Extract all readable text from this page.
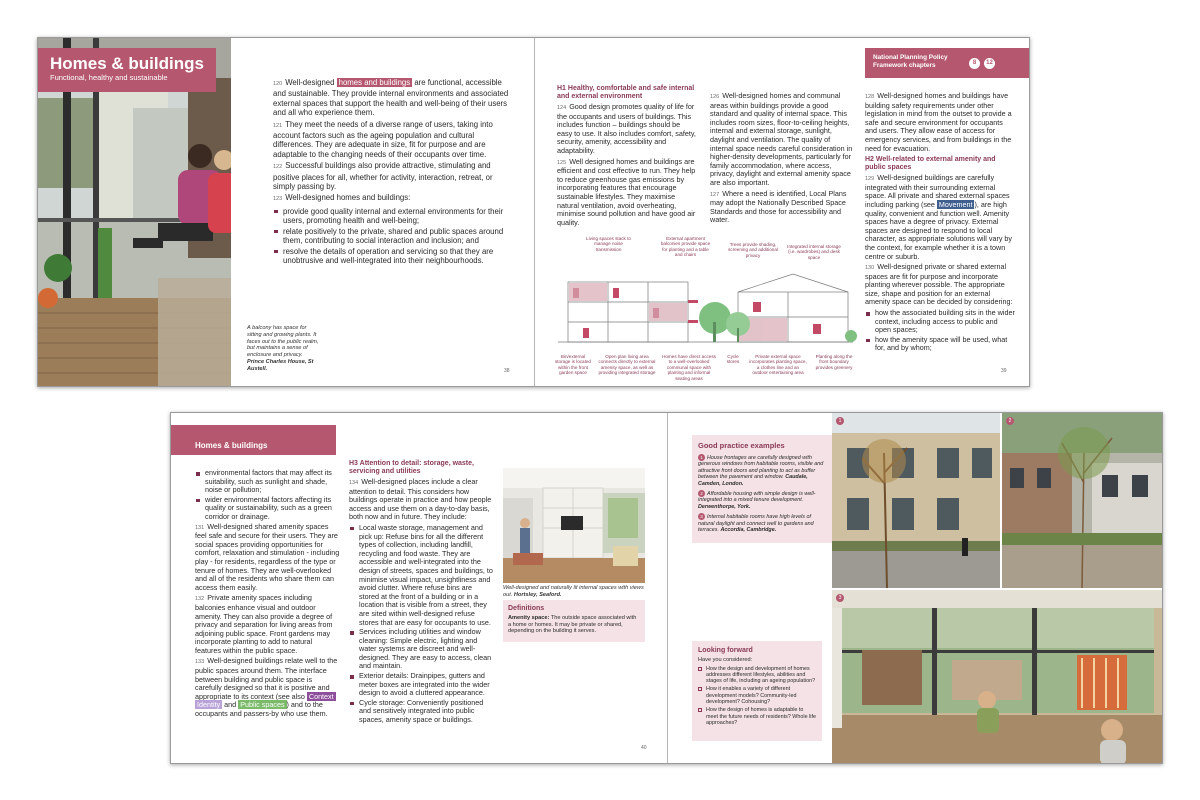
Homes & buildings
Functional, healthy and sustainable
A balcony has space for sitting and growing plants. It faces out to the public realm, but maintains a sense of enclosure and privacy. Prince Charles House, St Austell.

120 Well-designed homes and buildings are functional, accessible and sustainable. They provide internal environments and associated external spaces that support the health and well-being of their users and all who experience them.

121 They meet the needs of a diverse range of users, taking into account factors such as the ageing population and cultural differences. They are adequate in size, fit for purpose and are adaptable to the changing needs of their occupants over time.

122 Successful buildings also provide attractive, stimulating and positive places for all, whether for activity, interaction, retreat, or simply passing by.

123 Well-designed homes and buildings:

provide good quality internal and external environments for their users, promoting health and well-being;
relate positively to the private, shared and public spaces around them, contributing to social interaction and inclusion; and
resolve the details of operation and servicing so that they are unobtrusive and well-integrated into their neighbourhoods.
38
H1 Healthy, comfortable and safe internal and external environment

124 Good design promotes quality of life for the occupants and users of buildings. This includes function – buildings should be easy to use. It also includes comfort, safety, security, amenity, accessibility and adaptability.

125 Well designed homes and buildings are efficient and cost effective to run. They help to reduce greenhouse gas emissions by incorporating features that encourage sustainable lifestyles. They maximise natural ventilation, avoid overheating, minimise sound pollution and have good air quality.

126 Well-designed homes and communal areas within buildings provide a good standard and quality of internal space. This includes room sizes, floor-to-ceiling heights, internal and external storage, sunlight, daylight and ventilation. The quality of internal space needs careful consideration in higher-density developments, particularly for family accommodation, where access, privacy, daylight and external amenity space are also important.

127 Where a need is identified, Local Plans may adopt the Nationally Described Space Standards and those for accessibility and water.

Living spaces stack to manage noise transmission
External apartment balconies provide space for planting and a table and chairs
Trees provide shading, screening and additional privacy
Integrated internal storage (i.e. wardrobes) and desk space
Bin/external storage is located within the front garden space
Open plan living area connects directly to external amenity space, as well as providing integrated storage
Homes have direct access to a well-overlooked communal space with planting and informal seating areas
Cycle stores
Private external space incorporates planting space, a clothes line and an outdoor entertaining area
Planting along the front boundary provides greenery
National Planning Policy Framework chapters	8	12

128 Well-designed homes and buildings have building safety requirements under other legislation in mind from the outset to provide a safe and secure environment for occupants and users. They allow ease of access for emergency services, and from buildings in the need for evacuation.

H2 Well-related to external amenity and public spaces

129 Well-designed buildings are carefully integrated with their surrounding external space. All private and shared external spaces including parking (see Movement ), are high quality, convenient and function well. Amenity spaces have a degree of privacy. External spaces are designed to respond to local character, as appropriate solutions will vary by the context, for example whether it is a town centre or suburb.

130 Well-designed private or shared external spaces are fit for purpose and incorporate planting wherever possible. The appropriate size, shape and position for an external amenity space can be decided by considering:

how the associated building sits in the wider context, including access to public and open spaces;
how the amenity space will be used, what for, and by whom;
39
Homes & buildings
environmental factors that may affect its suitability, such as sunlight and shade, noise or pollution;
wider environmental factors affecting its quality or sustainability, such as a green corridor or drainage.

131 Well-designed shared amenity spaces feel safe and secure for their users. They are social spaces providing opportunities for comfort, relaxation and stimulation - including play - for residents, regardless of the type or tenure of homes. They are well-overlooked and all of the residents who share them can access them easily.

132 Private amenity spaces including balconies enhance visual and outdoor amenity. They can also provide a degree of privacy and separation for living areas from adjoining public space. Front gardens may incorporate planting to add to natural features within the public space.

133 Well-designed buildings relate well to the public spaces around them. The interface between building and public space is carefully designed so that it is positive and appropriate to its context (see also Context Identity and Public spaces ) and to the occupants and passers-by who use them.

H3 Attention to detail: storage, waste, servicing and utilities

134 Well-designed places include a clear attention to detail. This considers how buildings operate in practice and how people access and use them on a day-to-day basis, both now and in future. They include:

Local waste storage, management and pick up: Refuse bins for all the different types of collection, including landfill, recycling and food waste. They are accessible and well-integrated into the design of streets, spaces and buildings, to minimise visual impact, unsightliness and avoid clutter. Where refuse bins are stored at the front of a building or in a location that is visible from a street, they are sited within well-designed refuse stores that are easy for occupants to use.
Services including utilities and window cleaning: Simple electric, lighting and water systems are discreet and well-designed. They are easy to access, clean and maintain.
Exterior details: Drainpipes, gutters and meter boxes are integrated into the wider design to avoid a cluttered appearance.
Cycle storage: Conveniently positioned and sensitively integrated into public spaces, amenity space or buildings.
Well-designed and naturally lit internal spaces with views out. Hortsley, Seaford.
Definitions
Amenity space: The outside space associated with a home or homes. It may be private or shared, depending on the building it serves.
40
Good practice examples
1 House frontages are carefully designed with generous windows from habitable rooms, visible and attractive front doors and planting to act as buffer between the pavement and window. Caudale, Camden, London.
2 Affordable housing with simple design is well-integrated into a mixed tenure development. Derwenthorpe, York.
3 Internal habitable rooms have high levels of natural daylight and connect well to gardens and terraces. Accordia, Cambridge.
Looking forward
Have you considered:
How the design and development of homes addresses different lifestyles, abilities and stages of life, including an ageing population?
How it enables a variety of different development models? Community-led development? Cohousing?
How the design of homes is adaptable to meet the future needs of residents? Whole life approaches?
1	2
3
